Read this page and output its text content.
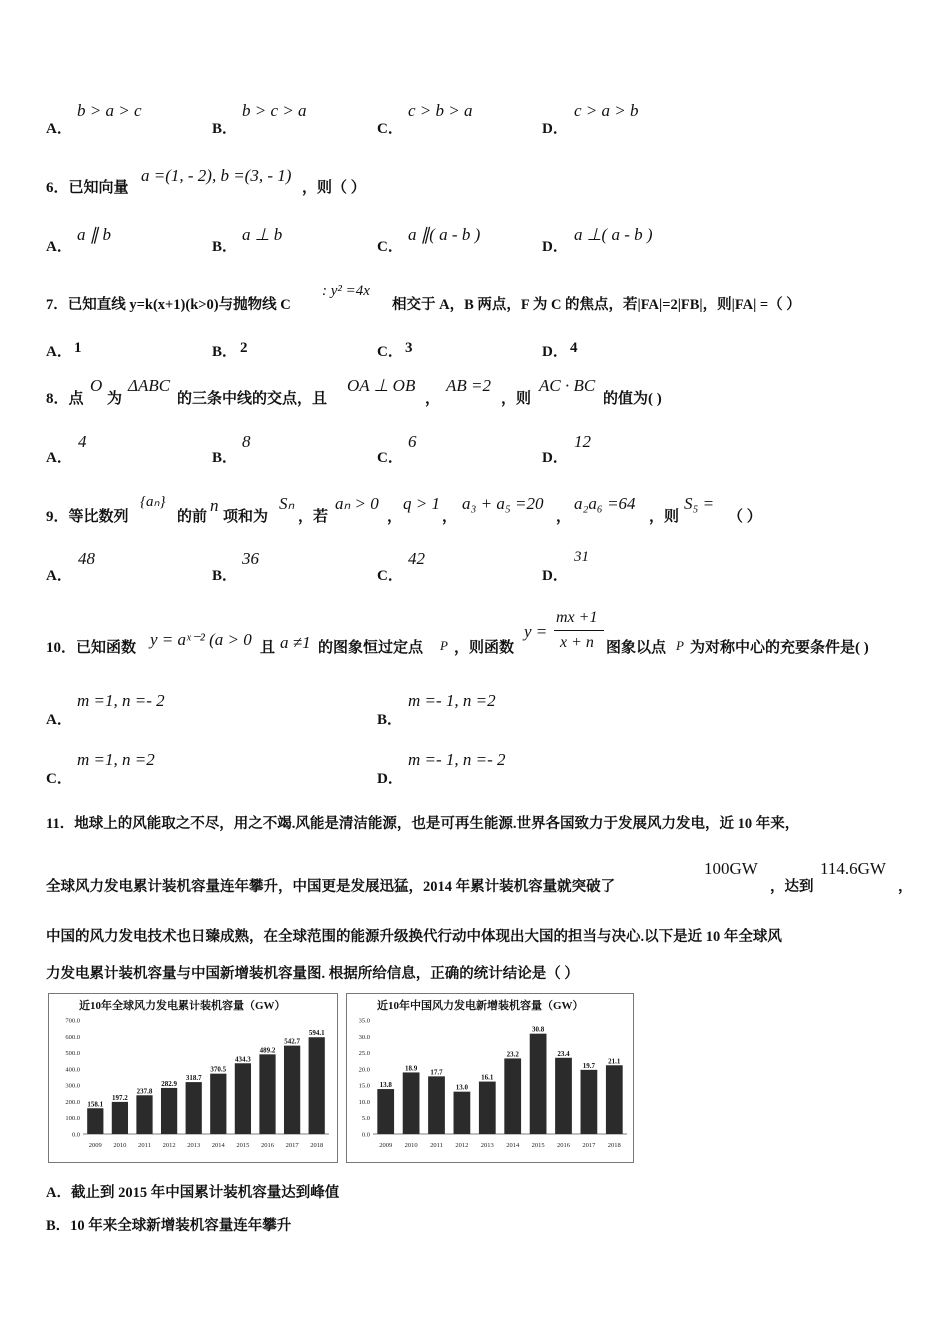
A．
b > a > c
B．
b > c > a
C．
c > b > a
D．
c > a > b
6．已知向量
a =(1, - 2), b =(3, - 1)
，则（ ）
A．
a ∥ b
B．
a ⊥ b
C．
a ∥( a - b )
D．
a ⊥( a - b )
7．已知直线 y=k(x+1)(k>0)与抛物线 C
: y² =4x
相交于 A，B 两点，F 为 C 的焦点，若|FA|=2|FB|，则|FA| =（ ）
A． 1	B． 2	C． 3	D． 4
8．点
O
为
ΔABC
的三条中线的交点，且
OA ⊥ OB
，
AB =2
，则
AC · BC
的值为( )
A．
4
B．
8
C．
6
D．
12
9．等比数列
{aₙ}
的前
n
项和为
Sₙ
，若
aₙ > 0
，
q > 1
，
a₃ + a₅ =20
，
a₂a₆ =64
，则
S₅ =
（ ）
A．
48
B．
36
C．
42
D．
31
10．已知函数 y = aˣ⁻² (a > 0 且 a ≠1 的图象恒过定点 P ，则函数
y =
mx +1
x + n 图象以点 P 为对称中心的充要条件是( )
A．
m =1, n =- 2
B．
m =- 1, n =2
C．
m =1, n =2
D．
m =- 1, n =- 2
11．地球上的风能取之不尽，用之不竭.风能是清洁能源，也是可再生能源.世界各国致力于发展风力发电，近 10 年来，
全球风力发电累计装机容量连年攀升，中国更是发展迅猛，2014 年累计装机容量就突破了
100GW
，达到
114.6GW
，
中国的风力发电技术也日臻成熟，在全球范围的能源升级换代行动中体现出大国的担当与决心.以下是近 10 年全球风
力发电累计装机容量与中国新增装机容量图. 根据所给信息，正确的统计结论是（ ）
近10年全球风力发电累计装机容量（GW）
0.0
100.0
200.0
300.0
400.0
500.0
600.0
700.0
158.1
2009
197.2
2010
237.8
2011
282.9
2012
318.7
2013
370.5
2014
434.3
2015
489.2
2016
542.7
2017
594.1
2018
近10年中国风力发电新增装机容量（GW）
0.0
5.0
10.0
15.0
20.0
25.0
30.0
35.0
13.8
2009
18.9
2010
17.7
2011
13.0
2012
16.1
2013
23.2
2014
30.8
2015
23.4
2016
19.7
2017
21.1
2018
A．截止到 2015 年中国累计装机容量达到峰值
B．10 年来全球新增装机容量连年攀升
